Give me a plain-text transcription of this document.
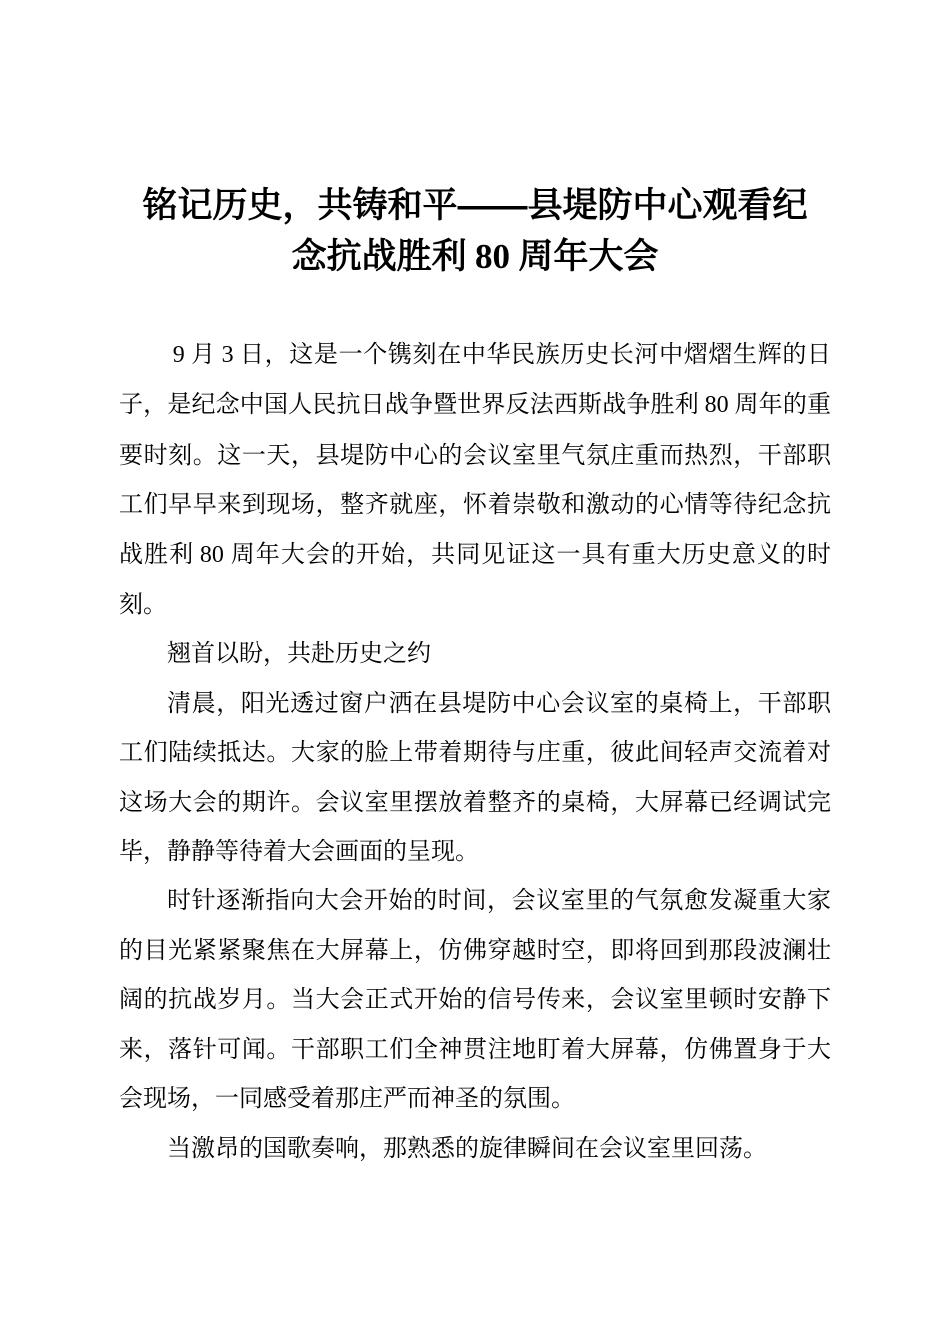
铭记历史，共铸和平——县堤防中心观看纪念抗战胜利 80 周年大会

9 月 3 日，这是一个镌刻在中华民族历史长河中熠熠生辉的日子，是纪念中国人民抗日战争暨世界反法西斯战争胜利 80 周年的重要时刻。这一天，县堤防中心的会议室里气氛庄重而热烈，干部职工们早早来到现场，整齐就座，怀着崇敬和激动的心情等待纪念抗战胜利 80 周年大会的开始，共同见证这一具有重大历史意义的时刻。

翘首以盼，共赴历史之约

清晨，阳光透过窗户洒在县堤防中心会议室的桌椅上，干部职工们陆续抵达。大家的脸上带着期待与庄重，彼此间轻声交流着对这场大会的期许。会议室里摆放着整齐的桌椅，大屏幕已经调试完毕，静静等待着大会画面的呈现。

时针逐渐指向大会开始的时间，会议室里的气氛愈发凝重大家的目光紧紧聚焦在大屏幕上，仿佛穿越时空，即将回到那段波澜壮阔的抗战岁月。当大会正式开始的信号传来，会议室里顿时安静下来，落针可闻。干部职工们全神贯注地盯着大屏幕，仿佛置身于大会现场，一同感受着那庄严而神圣的氛围。

当激昂的国歌奏响，那熟悉的旋律瞬间在会议室里回荡。
